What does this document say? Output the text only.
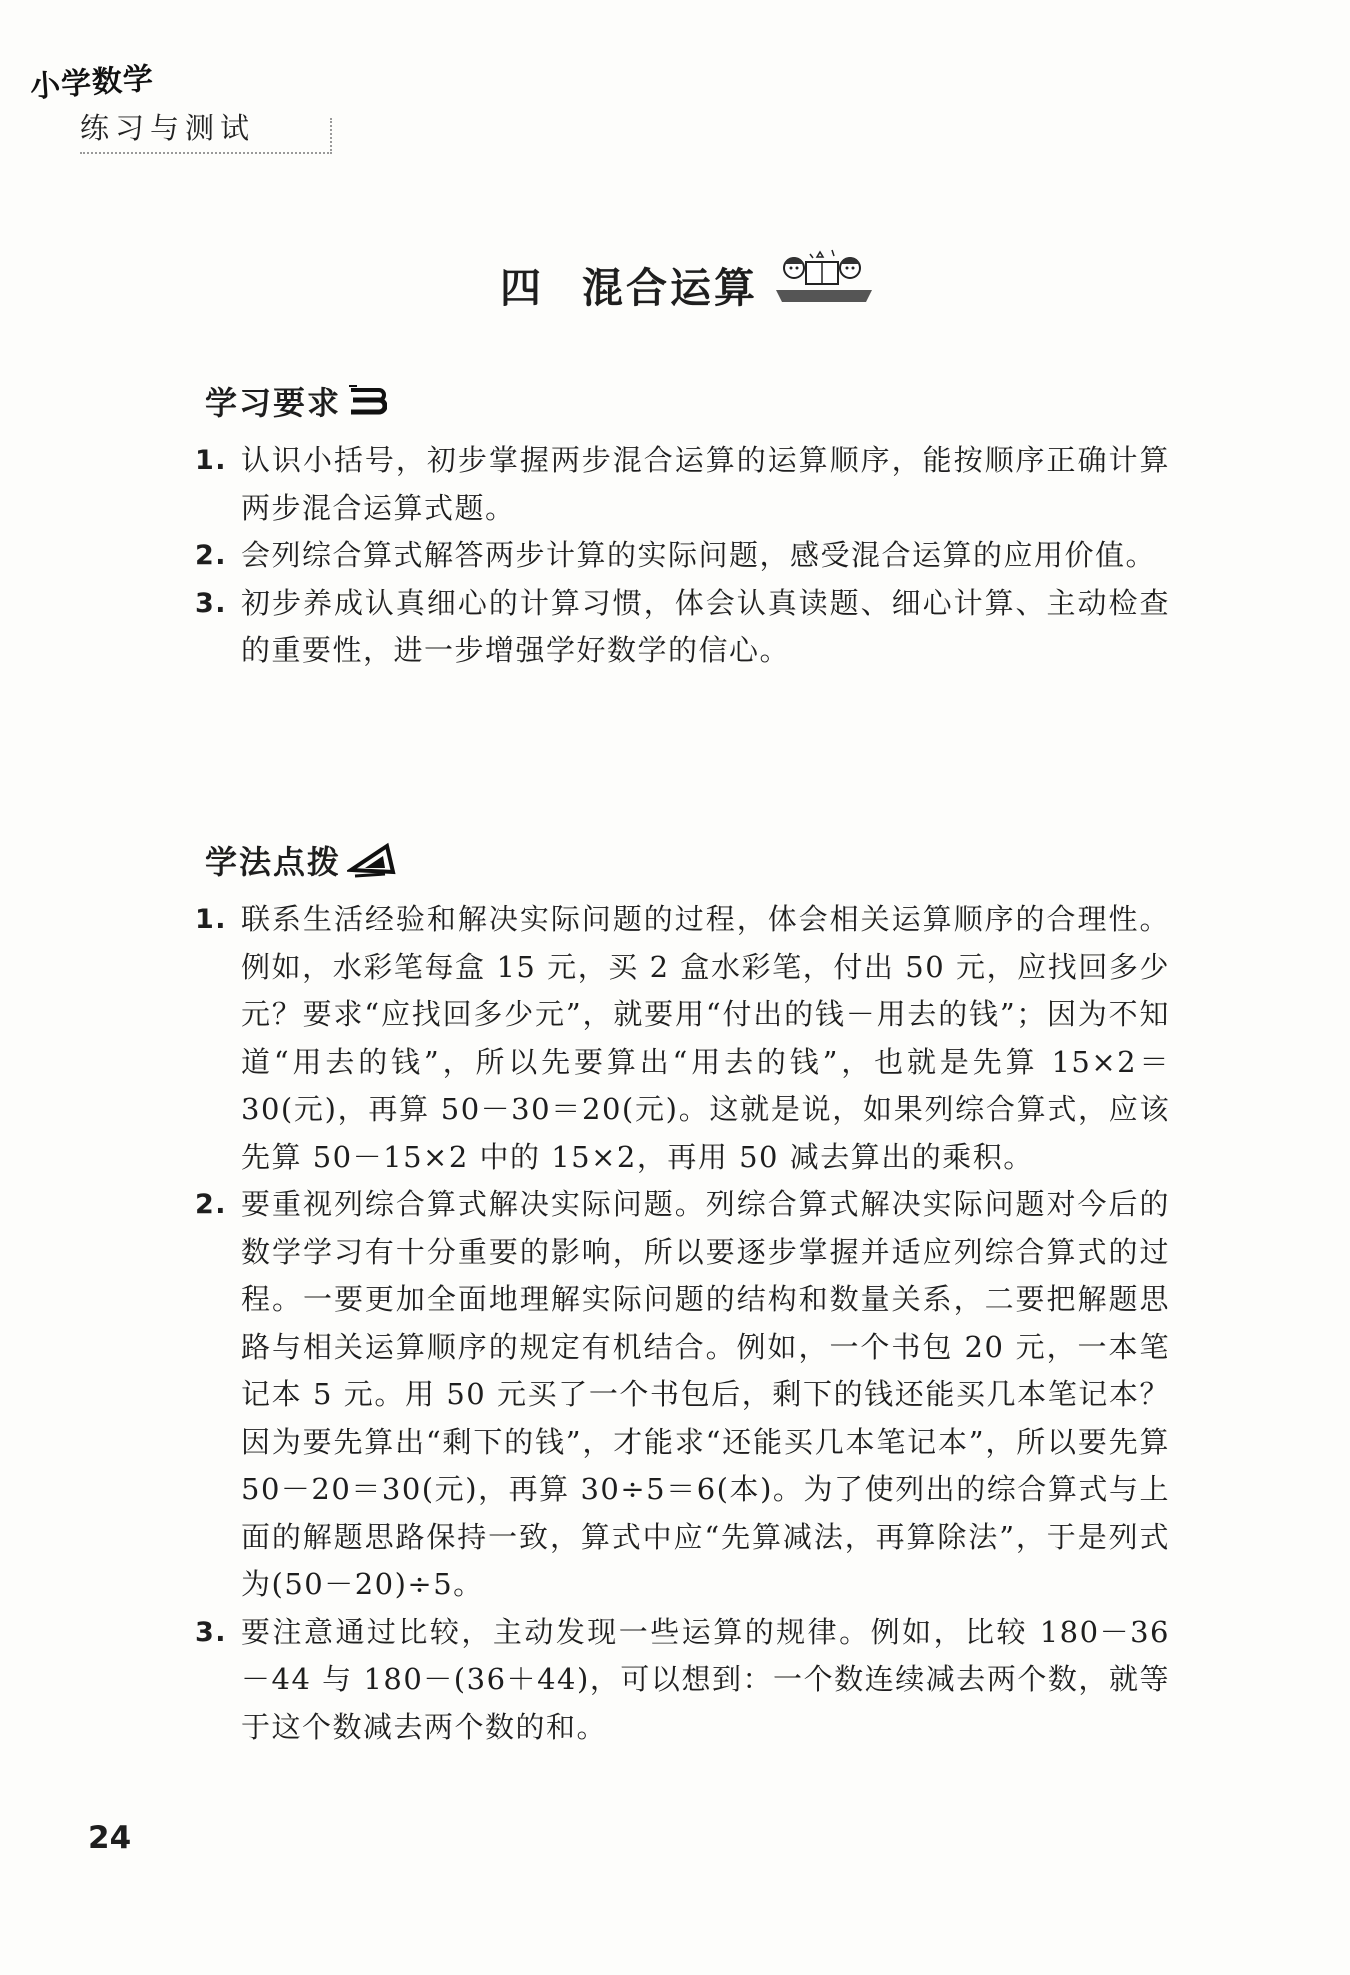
小学数学
练习与测试
四 混合运算
学习要求
1. 认识小括号，初步掌握两步混合运算的运算顺序，能按顺序正确计算两步混合运算式题。
2. 会列综合算式解答两步计算的实际问题，感受混合运算的应用价值。
3. 初步养成认真细心的计算习惯，体会认真读题、细心计算、主动检查的重要性，进一步增强学好数学的信心。
学法点拨
1. 联系生活经验和解决实际问题的过程，体会相关运算顺序的合理性。例如，水彩笔每盒 15 元，买 2 盒水彩笔，付出 50 元，应找回多少元？要求“应找回多少元”，就要用“付出的钱－用去的钱”；因为不知道“用去的钱”，所以先要算出“用去的钱”，也就是先算 15×2＝30(元)，再算 50－30＝20(元)。这就是说，如果列综合算式，应该先算 50－15×2 中的 15×2，再用 50 减去算出的乘积。
2. 要重视列综合算式解决实际问题。列综合算式解决实际问题对今后的数学学习有十分重要的影响，所以要逐步掌握并适应列综合算式的过程。一要更加全面地理解实际问题的结构和数量关系，二要把解题思路与相关运算顺序的规定有机结合。例如，一个书包 20 元，一本笔记本 5 元。用 50 元买了一个书包后，剩下的钱还能买几本笔记本？因为要先算出“剩下的钱”，才能求“还能买几本笔记本”，所以要先算 50－20＝30(元)，再算 30÷5＝6(本)。为了使列出的综合算式与上面的解题思路保持一致，算式中应“先算减法，再算除法”，于是列式为(50－20)÷5。
3. 要注意通过比较，主动发现一些运算的规律。例如，比较 180－36－44 与 180－(36＋44)，可以想到：一个数连续减去两个数，就等于这个数减去两个数的和。
24
